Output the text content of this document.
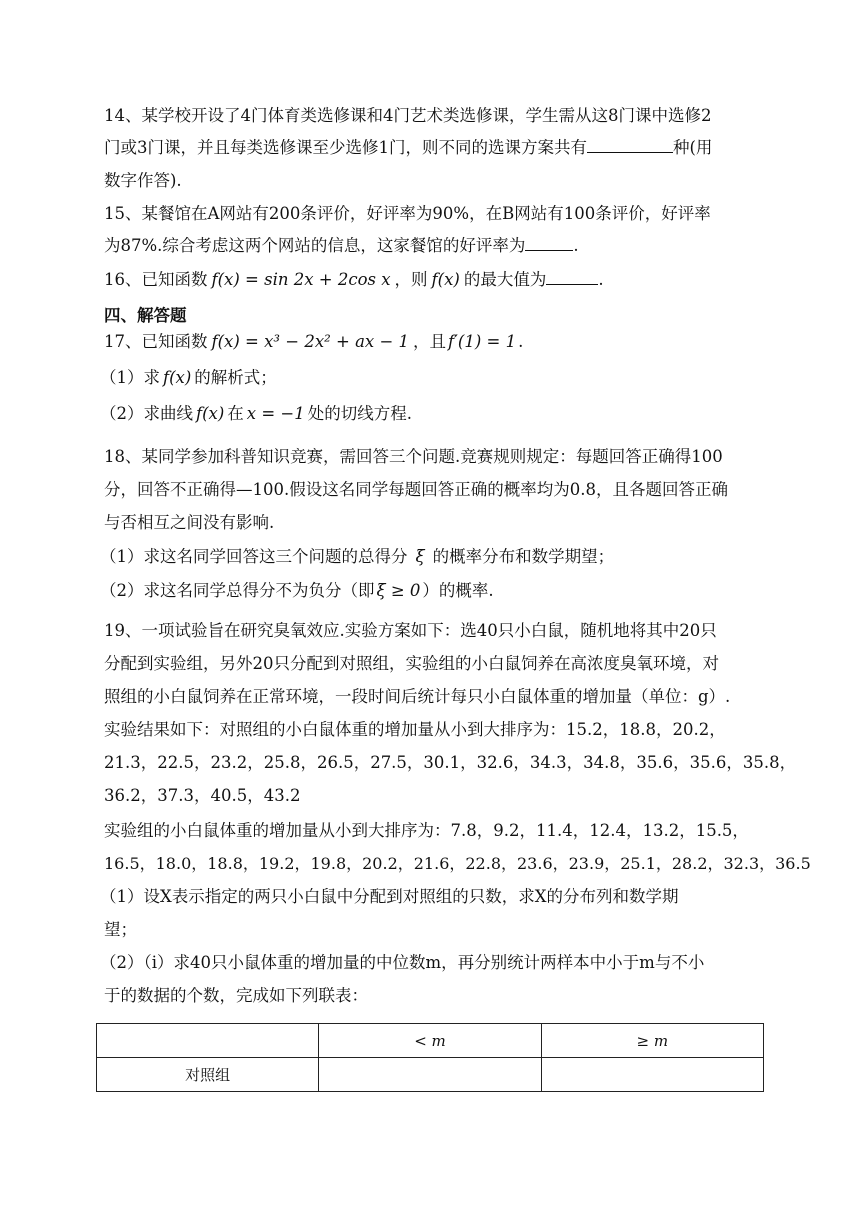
14、某学校开设了4门体育类选修课和4门艺术类选修课，学生需从这8门课中选修2
门或3门课，并且每类选修课至少选修1门，则不同的选课方案共有	种(用
数字作答).
15、某餐馆在A网站有200条评价，好评率为90%，在B网站有100条评价，好评率
为87%.综合考虑这两个网站的信息，这家餐馆的好评率为	.
16、已知函数 f(x) = sin 2x + 2cos x ，则 f(x) 的最大值为	.
四、解答题
17、已知函数 f(x) = x³ − 2x² + ax − 1 ，且 f′(1) = 1 .
（1）求 f(x) 的解析式；
（2）求曲线 f(x) 在 x = −1 处的切线方程.
18、某同学参加科普知识竞赛，需回答三个问题.竞赛规则规定：每题回答正确得100
分，回答不正确得—100.假设这名同学每题回答正确的概率均为0.8，且各题回答正确
与否相互之间没有影响.
（1）求这名同学回答这三个问题的总得分 ξ 的概率分布和数学期望；
（2）求这名同学总得分不为负分（即 ξ ≥ 0 ）的概率.
19、一项试验旨在研究臭氧效应.实验方案如下：选40只小白鼠，随机地将其中20只
分配到实验组，另外20只分配到对照组，实验组的小白鼠饲养在高浓度臭氧环境，对
照组的小白鼠饲养在正常环境，一段时间后统计每只小白鼠体重的增加量（单位：g）.
实验结果如下：对照组的小白鼠体重的增加量从小到大排序为：15.2，18.8，20.2，
21.3，22.5，23.2，25.8，26.5，27.5，30.1，32.6，34.3，34.8，35.6，35.6，35.8，
36.2，37.3，40.5，43.2
实验组的小白鼠体重的增加量从小到大排序为：7.8，9.2，11.4，12.4，13.2，15.5，
16.5，18.0，18.8，19.2，19.8，20.2，21.6，22.8，23.6，23.9，25.1，28.2，32.3，36.5
（1）设X表示指定的两只小白鼠中分配到对照组的只数，求X的分布列和数学期
望；
（2）（i）求40只小鼠体重的增加量的中位数m，再分别统计两样本中小于m与不小
于的数据的个数，完成如下列联表：
	< m	≥ m
对照组		
